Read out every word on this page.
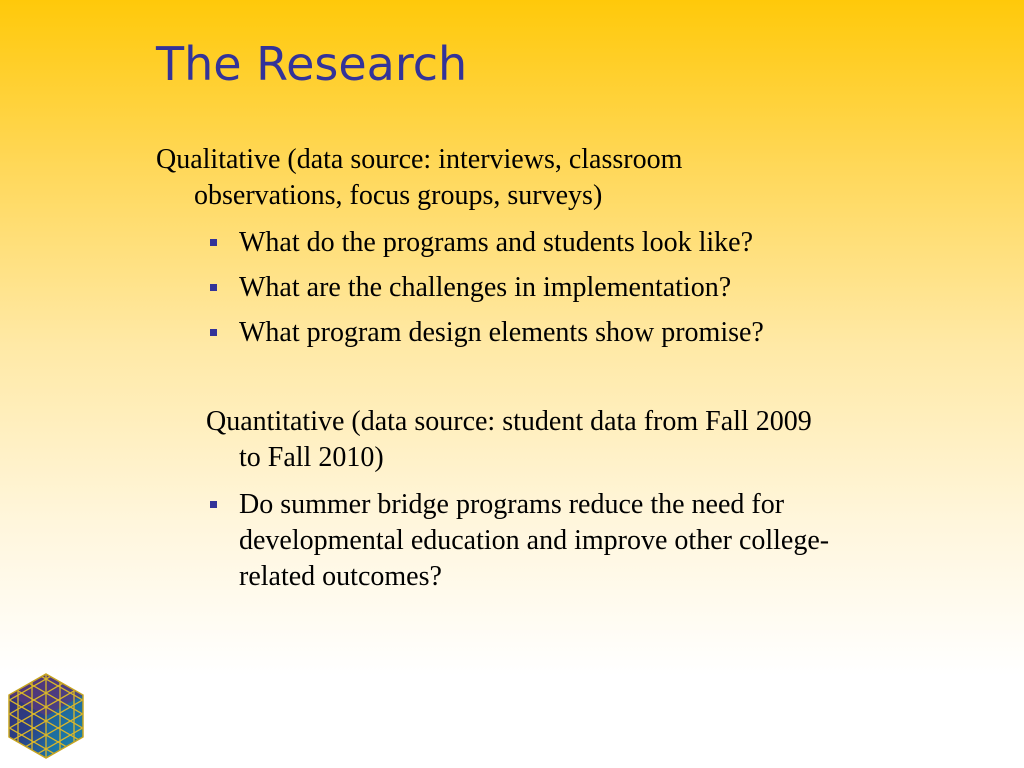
The Research
Qualitative (data source: interviews, classroom
observations, focus groups, surveys)
What do the programs and students look like?
What are the challenges in implementation?
What program design elements show promise?
Quantitative (data source: student data from Fall 2009
to Fall 2010)
Do summer bridge programs reduce the need for
developmental education and improve other college-
related outcomes?
